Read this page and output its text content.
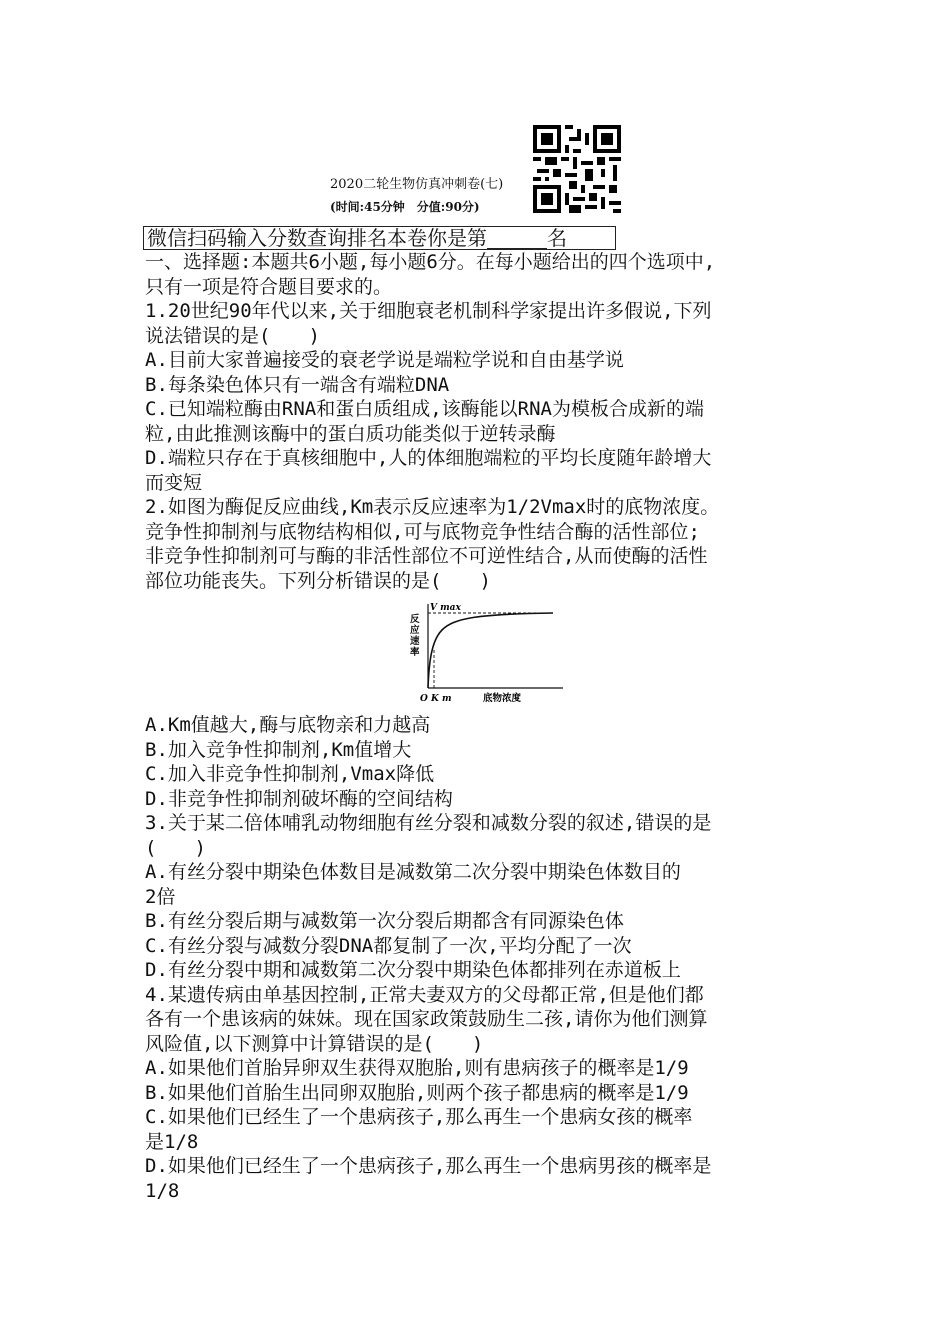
2020二轮生物仿真冲刺卷(七)
(时间:45分钟　分值:90分)
微信扫码输入分数查询排名本卷你是第	名
一、选择题:本题共6小题,每小题6分。在每小题给出的四个选项中,
只有一项是符合题目要求的。
1.20世纪90年代以来,关于细胞衰老机制科学家提出许多假说,下列
说法错误的是(　　)
A.目前大家普遍接受的衰老学说是端粒学说和自由基学说
B.每条染色体只有一端含有端粒DNA
C.已知端粒酶由RNA和蛋白质组成,该酶能以RNA为模板合成新的端
粒,由此推测该酶中的蛋白质功能类似于逆转录酶
D.端粒只存在于真核细胞中,人的体细胞端粒的平均长度随年龄增大
而变短
2.如图为酶促反应曲线,Km表示反应速率为1/2Vmax时的底物浓度。
竞争性抑制剂与底物结构相似,可与底物竞争性结合酶的活性部位;
非竞争性抑制剂可与酶的非活性部位不可逆性结合,从而使酶的活性
部位功能丧失。下列分析错误的是(　　)
A.Km值越大,酶与底物亲和力越高
B.加入竞争性抑制剂,Km值增大
C.加入非竞争性抑制剂,Vmax降低
D.非竞争性抑制剂破坏酶的空间结构
3.关于某二倍体哺乳动物细胞有丝分裂和减数分裂的叙述,错误的是
(　　)
A.有丝分裂中期染色体数目是减数第二次分裂中期染色体数目的
2倍
B.有丝分裂后期与减数第一次分裂后期都含有同源染色体
C.有丝分裂与减数分裂DNA都复制了一次,平均分配了一次
D.有丝分裂中期和减数第二次分裂中期染色体都排列在赤道板上
4.某遗传病由单基因控制,正常夫妻双方的父母都正常,但是他们都
各有一个患该病的妹妹。现在国家政策鼓励生二孩,请你为他们测算
风险值,以下测算中计算错误的是(　　)
A.如果他们首胎异卵双生获得双胞胎,则有患病孩子的概率是1/9
B.如果他们首胎生出同卵双胞胎,则两个孩子都患病的概率是1/9
C.如果他们已经生了一个患病孩子,那么再生一个患病女孩的概率
是1/8
D.如果他们已经生了一个患病孩子,那么再生一个患病男孩的概率是
1/8
V max
O K m	底物浓度
反应速率
